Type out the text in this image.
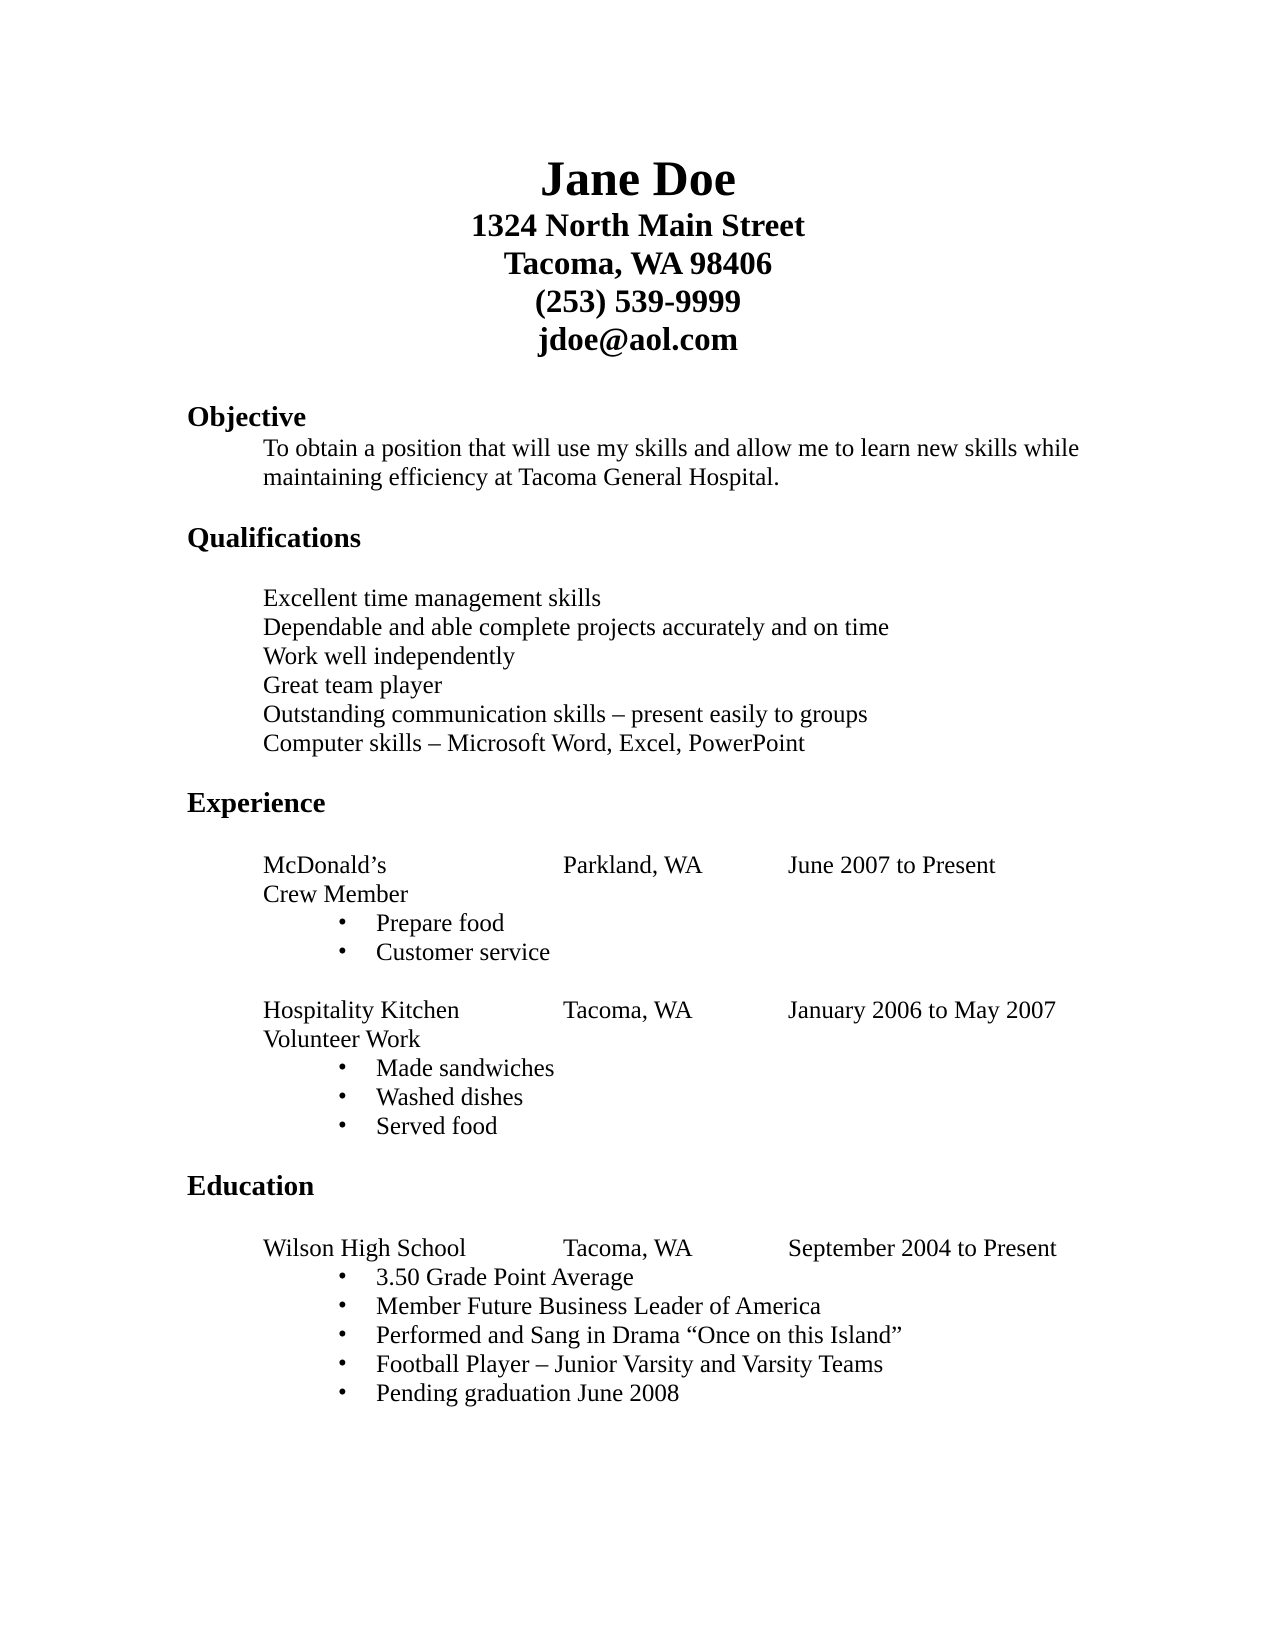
Jane Doe
1324 North Main Street
Tacoma, WA 98406
(253) 539-9999
jdoe@aol.com
Objective

To obtain a position that will use my skills and allow me to learn new skills while maintaining efficiency at Tacoma General Hospital.

Qualifications
Excellent time management skills
Dependable and able complete projects accurately and on time
Work well independently
Great team player
Outstanding communication skills – present easily to groups
Computer skills – Microsoft Word, Excel, PowerPoint
Experience
McDonald’s	Parkland, WA	June 2007 to Present
Crew Member
•
Prepare food
•
Customer service
Hospitality Kitchen	Tacoma, WA	January 2006 to May 2007
Volunteer Work
•
Made sandwiches
•
Washed dishes
•
Served food
Education
Wilson High School	Tacoma, WA	September 2004 to Present
•
3.50 Grade Point Average
•
Member Future Business Leader of America
•
Performed and Sang in Drama “Once on this Island”
•
Football Player – Junior Varsity and Varsity Teams
•
Pending graduation June 2008
